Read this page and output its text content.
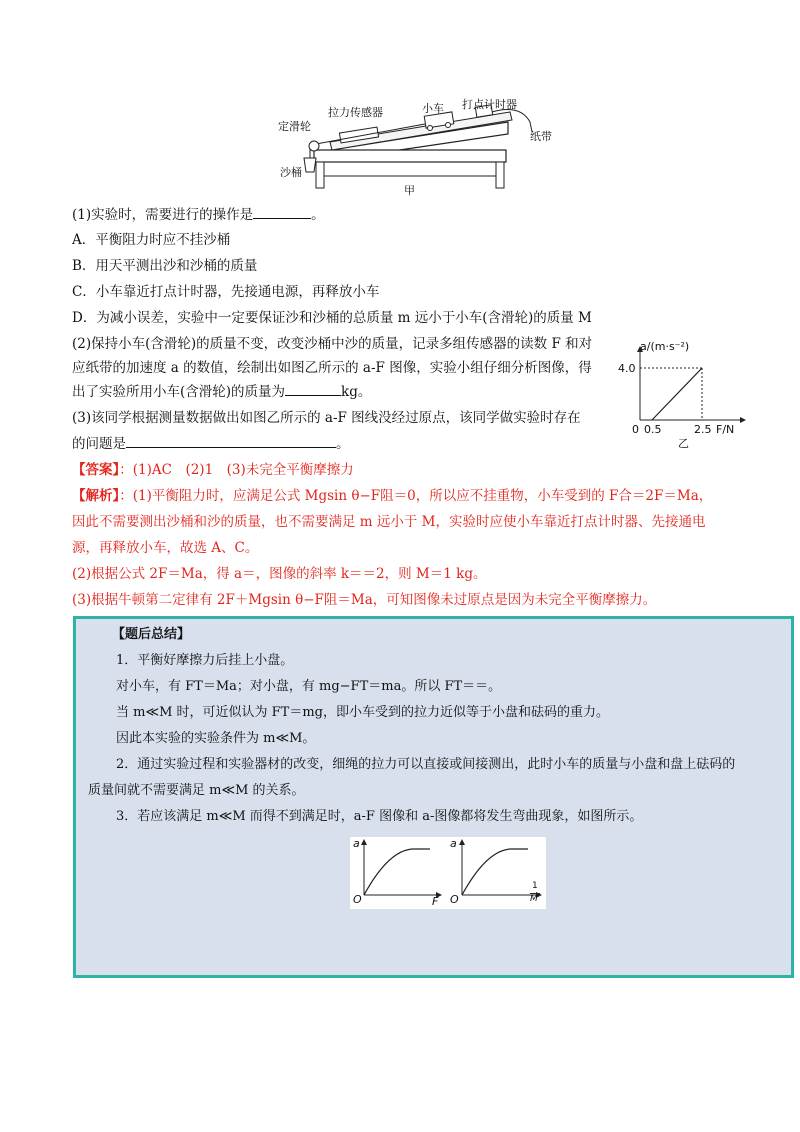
定滑轮
拉力传感器	小车 打点计时器
纸带
沙桶
甲
(1)实验时，需要进行的操作是	。
A．平衡阻力时应不挂沙桶
B．用天平测出沙和沙桶的质量
C．小车靠近打点计时器，先接通电源，再释放小车
D．为减小误差，实验中一定要保证沙和沙桶的总质量 m 远小于小车(含滑轮)的质量 M
(2)保持小车(含滑轮)的质量不变，改变沙桶中沙的质量，记录多组传感器的读数 F 和对
应纸带的加速度 a 的数值，绘制出如图乙所示的 a-F 图像，实验小组仔细分析图像，得
出了实验所用小车(含滑轮)的质量为	kg。
(3)该同学根据测量数据做出如图乙所示的 a-F 图线没经过原点，该同学做实验时存在
的问题是	。
a/(m·s⁻²)
4.0
0 0.5	2.5 F/N
乙
【答案】：(1)AC　(2)1　(3)未完全平衡摩擦力
【解析】：(1)平衡阻力时，应满足公式 Mgsin θ−F阻＝0，所以应不挂重物，小车受到的 F合＝2F＝Ma，
因此不需要测出沙桶和沙的质量，也不需要满足 m 远小于 M，实验时应使小车靠近打点计时器、先接通电
源，再释放小车，故选 A、C。
(2)根据公式 2F＝Ma，得 a＝，图像的斜率 k＝＝2，则 M＝1 kg。
(3)根据牛顿第二定律有 2F＋Mgsin θ−F阻＝Ma，可知图像未过原点是因为未完全平衡摩擦力。
【题后总结】
1．平衡好摩擦力后挂上小盘。
对小车，有 FT＝Ma；对小盘，有 mg−FT＝ma。所以 FT＝＝。
当 m≪M 时，可近似认为 FT＝mg，即小车受到的拉力近似等于小盘和砝码的重力。
因此本实验的实验条件为 m≪M。
2．通过实验过程和实验器材的改变，细绳的拉力可以直接或间接测出，此时小车的质量与小盘和盘上砝码的
质量间就不需要满足 m≪M 的关系。
3．若应该满足 m≪M 而得不到满足时，a-F 图像和 a-图像都将发生弯曲现象，如图所示。
a
O	F
a
O
1
M
